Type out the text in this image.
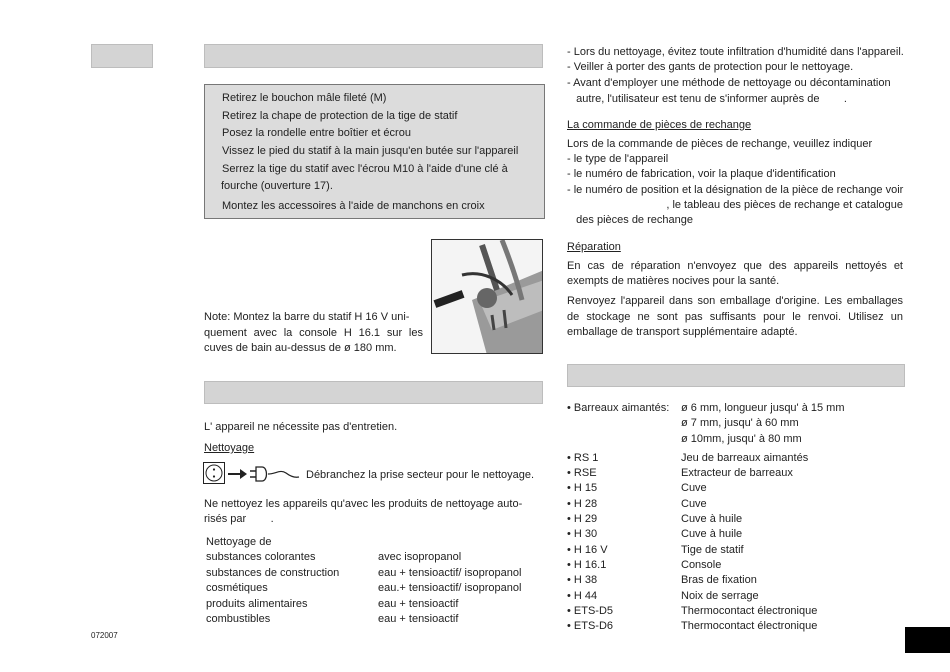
Retirez le bouchon mâle fileté (M)
Retirez la chape de protection de la tige de statif
Posez la rondelle entre boîtier et écrou
Vissez le pied du statif à la main jusqu'en butée sur l'appareil
Serrez la tige du statif avec l'écrou M10 à l'aide d'une clé à
fourche (ouverture 17).
Montez les accessoires à l'aide de manchons en croix
Note: Montez la barre du statif H 16 V uni-
quement avec la console H 16.1 sur les
cuves de bain au-dessus de ø 180 mm.
L' appareil ne nécessite pas d'entretien.
Nettoyage
Débranchez la prise secteur pour le nettoyage.
Ne nettoyez les appareils qu'avec les produits de nettoyage auto-
risés par        .
Nettoyage de
substances colorantes	avec isopropanol
substances de construction	eau + tensioactif/ isopropanol
cosmétiques	eau.+ tensioactif/ isopropanol
produits alimentaires	eau + tensioactif
combustibles	eau + tensioactif
072007
- Lors du nettoyage, évitez toute infiltration d'humidité dans l'appareil.
- Veiller à porter des gants de protection pour le nettoyage.
- Avant d'employer une méthode de nettoyage ou décontamination
autre, l'utilisateur est tenu de s'informer auprès de        .
La commande de pièces de rechange
Lors de la commande de pièces de rechange, veuillez indiquer
- le type de l'appareil
- le numéro de fabrication, voir la plaque d'identification
- le numéro de position et la désignation de la pièce de rechange voir
, le tableau des pièces de rechange et catalogue
des pièces de rechange
Réparation
En cas de réparation n'envoyez que des appareils nettoyés et
exempts de matières nocives pour la santé.
Renvoyez l'appareil dans son emballage d'origine. Les emballages
de stockage ne sont pas suffisants pour le renvoi. Utilisez un
emballage de transport supplémentaire adapté.
• Barreaux aimantés: ø 6 mm, longueur jusqu' à 15 mm
ø 7 mm, jusqu' à 60 mm
ø 10mm, jusqu' à 80 mm
• RS 1	Jeu de barreaux aimantés
• RSE	Extracteur de barreaux
• H 15	Cuve
• H 28	Cuve
• H 29	Cuve à huile
• H 30	Cuve à huile
• H 16 V	Tige de statif
• H 16.1	Console
• H 38	Bras de fixation
• H 44	Noix de serrage
• ETS-D5	Thermocontact électronique
• ETS-D6	Thermocontact électronique
